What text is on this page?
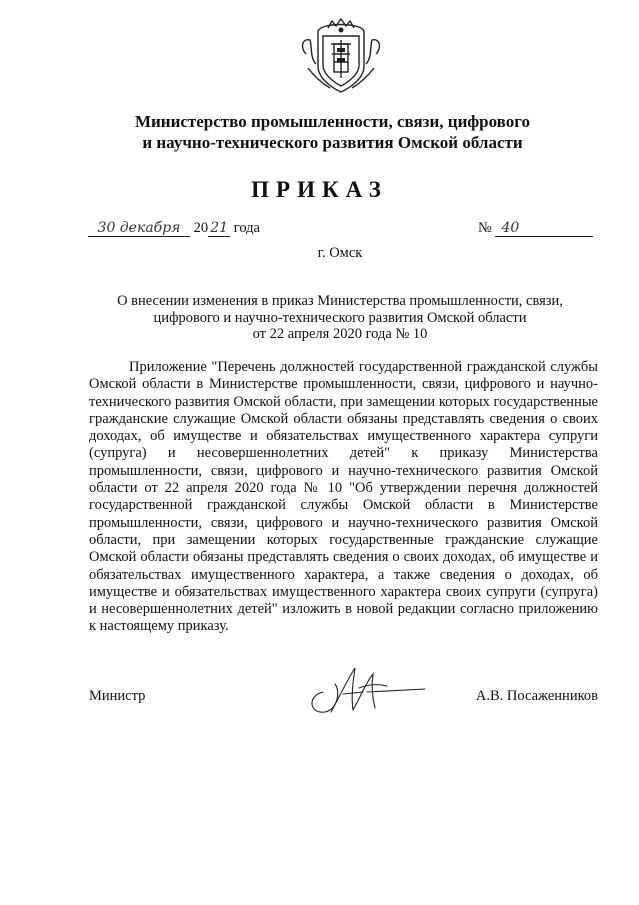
Министерство промышленности, связи, цифрового
и научно-технического развития Омской области
ПРИКАЗ
30 декабря 20 21 года	№ 40
г. Омск
О внесении изменения в приказ Министерства промышленности, связи,
цифрового и научно-технического развития Омской области
от 22 апреля 2020 года № 10

Приложение "Перечень должностей государственной гражданской службы Омской области в Министерстве промышленности, связи, цифрового и научно-технического развития Омской области, при замещении которых государственные гражданские служащие Омской области обязаны представлять сведения о своих доходах, об имуществе и обязательствах имущественного характера супруги (супруга) и несовершеннолетних детей" к приказу Министерства промышленности, связи, цифрового и научно-технического развития Омской области от 22 апреля 2020 года № 10 "Об утверждении перечня должностей государственной гражданской службы Омской области в Министерстве промышленности, связи, цифрового и научно-технического развития Омской области, при замещении которых государственные гражданские служащие Омской области обязаны представлять сведения о своих доходах, об имуществе и обязательствах имущественного характера, а также сведения о доходах, об имуществе и обязательствах имущественного характера своих супруги (супруга) и несовершеннолетних детей" изложить в новой редакции согласно приложению к настоящему приказу.

Министр	А.В. Посаженников
